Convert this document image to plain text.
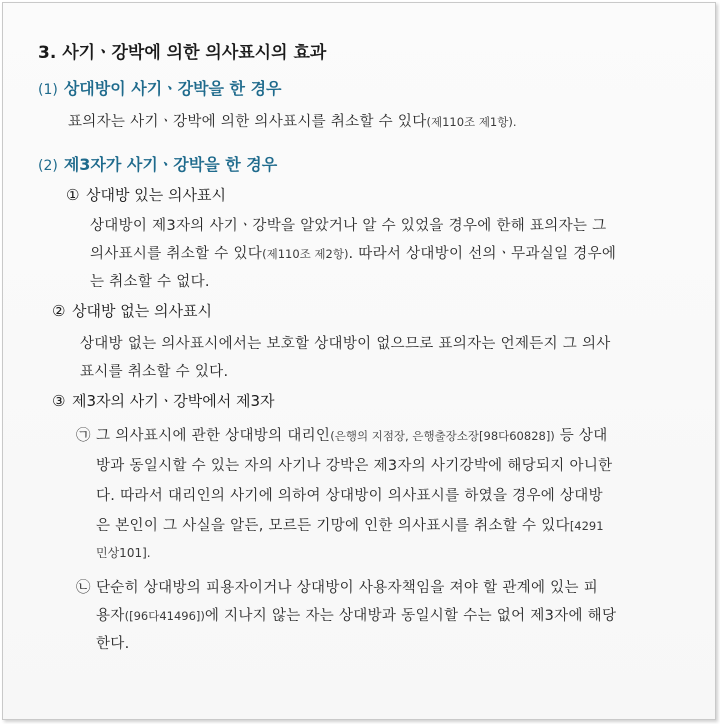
3. 사기ㆍ강박에 의한 의사표시의 효과
(1) 상대방이 사기ㆍ강박을 한 경우
표의자는 사기ㆍ강박에 의한 의사표시를 취소할 수 있다(제110조 제1항).
(2) 제3자가 사기ㆍ강박을 한 경우
① 상대방 있는 의사표시
상대방이 제3자의 사기ㆍ강박을 알았거나 알 수 있었을 경우에 한해 표의자는 그
의사표시를 취소할 수 있다(제110조 제2항). 따라서 상대방이 선의ㆍ무과실일 경우에
는 취소할 수 없다.
② 상대방 없는 의사표시
상대방 없는 의사표시에서는 보호할 상대방이 없으므로 표의자는 언제든지 그 의사
표시를 취소할 수 있다.
③ 제3자의 사기ㆍ강박에서 제3자
㉠ 그 의사표시에 관한 상대방의 대리인(은행의 지점장, 은행출장소장[98다60828]) 등 상대
방과 동일시할 수 있는 자의 사기나 강박은 제3자의 사기강박에 해당되지 아니한
다. 따라서 대리인의 사기에 의하여 상대방이 의사표시를 하였을 경우에 상대방
은 본인이 그 사실을 알든, 모르든 기망에 인한 의사표시를 취소할 수 있다[4291
민상101].
㉡ 단순히 상대방의 피용자이거나 상대방이 사용자책임을 져야 할 관계에 있는 피
용자([96다41496])에 지나지 않는 자는 상대방과 동일시할 수는 없어 제3자에 해당
한다.
